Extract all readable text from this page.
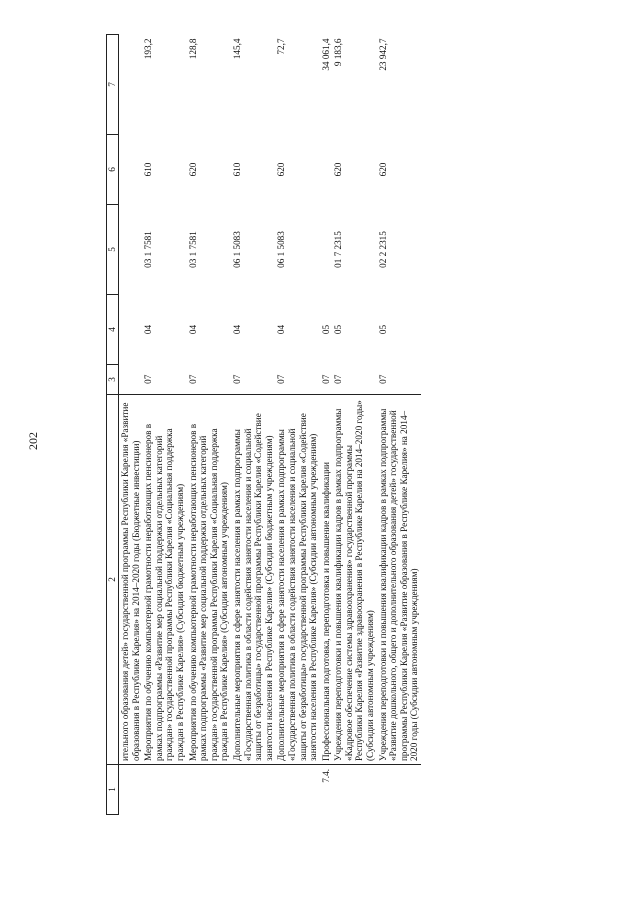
202
1	2	3	4	5	6	7
	ительного образования детей» государственной программы Республики Карелия «Развитие образования в Республике Карелия» на 2014–2020 годы (Бюджетные инвестиции)					
	Мероприятия по обучению компьютерной грамотности неработающих пенсионеров в рамках подпрограммы «Развитие мер социальной поддержки отдельных категорий граждан» государственной программы Республики Карелия «Социальная поддержка граждан в Республике Карелия» (Субсидии бюджетным учреждениям)	07	04	03 1 7581	610	193,2
	Мероприятия по обучению компьютерной грамотности неработающих пенсионеров в рамках подпрограммы «Развитие мер социальной поддержки отдельных категорий граждан» государственной программы Республики Карелия «Социальная поддержка граждан в Республике Карелия» (Субсидии автономным учреждениям)	07	04	03 1 7581	620	128,8
	Дополнительные мероприятия в сфере занятости населения в рамках подпрограммы «Государственная политика в области содействия занятости населения и социальной защиты от безработицы» государственной программы Республики Карелия «Содействие занятости населения в Республике Карелия» (Субсидии бюджетным учреждениям)	07	04	06 1 5083	610	145,4
	Дополнительные мероприятия в сфере занятости населения в рамках подпрограммы «Государственная политика в области содействия занятости населения и социальной защиты от безработицы» государственной программы Республики Карелия «Содействие занятости населения в Республике Карелия» (Субсидии автономным учреждениям)	07	04	06 1 5083	620	72,7
7.4.	Профессиональная подготовка, переподготовка и повышение квалификации	07	05			34 061,4
	Учреждения переподготовки и повышения квалификации кадров в рамках подпрограммы «Кадровое обеспечение системы здравоохранения» государственной программы Республики Карелия «Развитие здравоохранения в Республике Карелия на 2014–2020 годы» (Субсидии автономным учреждениям)	07	05	01 7 2315	620	9 183,6
	Учреждения переподготовки и повышения квалификации кадров в рамках подпрограммы «Развитие дошкольного, общего и дополнительного образования детей» государственной программы Республики Карелия «Развитие образования в Республике Карелия» на 2014–2020 годы (Субсидии автономным учреждениям)	07	05	02 2 2315	620	23 942,7
